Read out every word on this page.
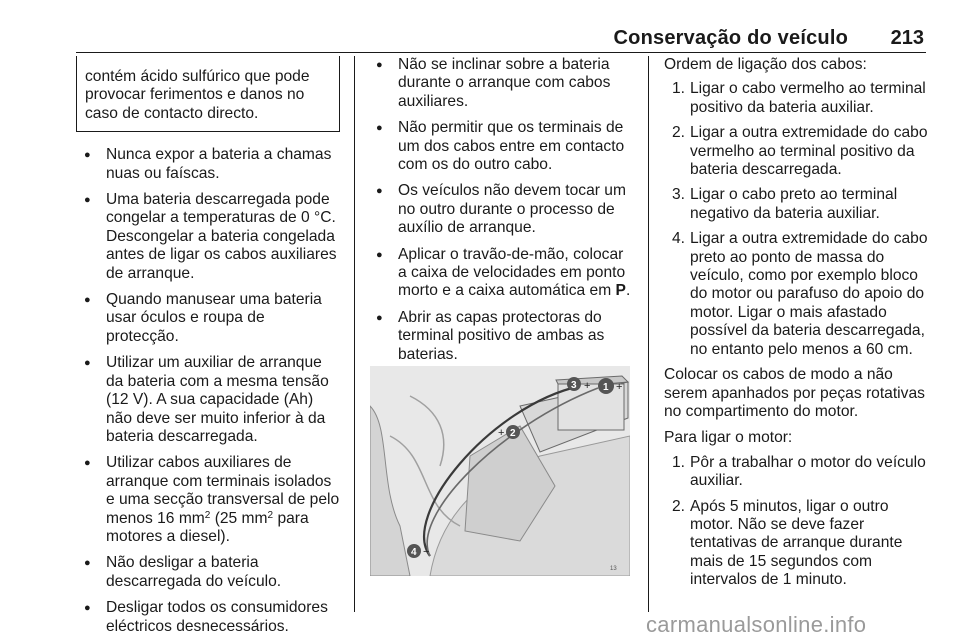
Conservação do veículo 213
contém ácido sulfúrico que pode provocar ferimentos e danos no caso de contacto directo.
● Nunca expor a bateria a chamas nuas ou faíscas.
● Uma bateria descarregada pode congelar a temperaturas de 0 °C. Descongelar a bateria congelada antes de ligar os cabos auxiliares de arranque.
● Quando manusear uma bateria usar óculos e roupa de protecção.
● Utilizar um auxiliar de arranque da bateria com a mesma tensão (12 V). A sua capacidade (Ah) não deve ser muito inferior à da bateria descarregada.
● Utilizar cabos auxiliares de arranque com terminais isolados e uma secção transversal de pelo menos 16 $mm^2$ (25 $mm^2$ para motores a diesel).
● Não desligar a bateria descarregada do veículo.
● Desligar todos os consumidores eléctricos desnecessários.
● Não se inclinar sobre a bateria durante o arranque com cabos auxiliares.
● Não permitir que os terminais de um dos cabos entre em contacto com os do outro cabo.
● Os veículos não devem tocar um no outro durante o processo de auxílio de arranque.
● Aplicar o travão-de-mão, colocar a caixa de velocidades em ponto morto e a caixa automática em P.
● Abrir as capas protectoras do terminal positivo de ambas as baterias.
1
3
2
4
+ +
+
−
13

Ordem de ligação dos cabos:

1. Ligar o cabo vermelho ao terminal positivo da bateria auxiliar.
2. Ligar a outra extremidade do cabo vermelho ao terminal positivo da bateria descarregada.
3. Ligar o cabo preto ao terminal negativo da bateria auxiliar.
4. Ligar a outra extremidade do cabo preto ao ponto de massa do veículo, como por exemplo bloco do motor ou parafuso do apoio do motor. Ligar o mais afastado possível da bateria descarregada, no entanto pelo menos a 60 cm.

Colocar os cabos de modo a não serem apanhados por peças rotativas no compartimento do motor.

Para ligar o motor:

1. Pôr a trabalhar o motor do veículo auxiliar.
2. Após 5 minutos, ligar o outro motor. Não se deve fazer tentativas de arranque durante mais de 15 segundos com intervalos de 1 minuto.
carmanualsonline.info
